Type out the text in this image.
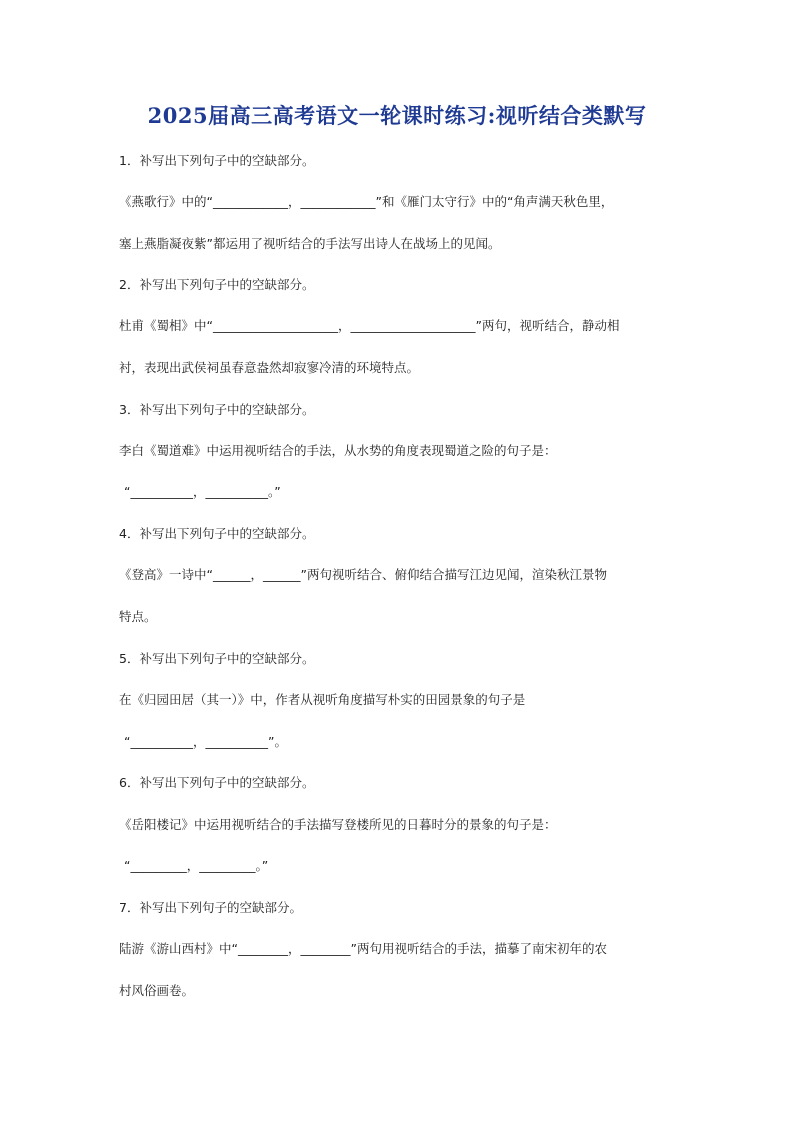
2025届高三高考语文一轮课时练习:视听结合类默写
1．补写出下列句子中的空缺部分。
《燕歌行》中的“____________，____________”和《雁门太守行》中的“角声满天秋色里，
塞上燕脂凝夜紫”都运用了视听结合的手法写出诗人在战场上的见闻。
2．补写出下列句子中的空缺部分。
杜甫《蜀相》中“____________________，____________________”两句，视听结合，静动相
衬，表现出武侯祠虽春意盎然却寂寥冷清的环境特点。
3．补写出下列句子中的空缺部分。
李白《蜀道难》中运用视听结合的手法，从水势的角度表现蜀道之险的句子是：
“__________，__________。”
4．补写出下列句子中的空缺部分。
《登高》一诗中“______，______”两句视听结合、俯仰结合描写江边见闻，渲染秋江景物
特点。
5．补写出下列句子中的空缺部分。
在《归园田居（其一）》中，作者从视听角度描写朴实的田园景象的句子是
“__________，__________”。
6．补写出下列句子中的空缺部分。
《岳阳楼记》中运用视听结合的手法描写登楼所见的日暮时分的景象的句子是：
“_________，_________。”
7．补写出下列句子的空缺部分。
陆游《游山西村》中“________，________”两句用视听结合的手法，描摹了南宋初年的农
村风俗画卷。
